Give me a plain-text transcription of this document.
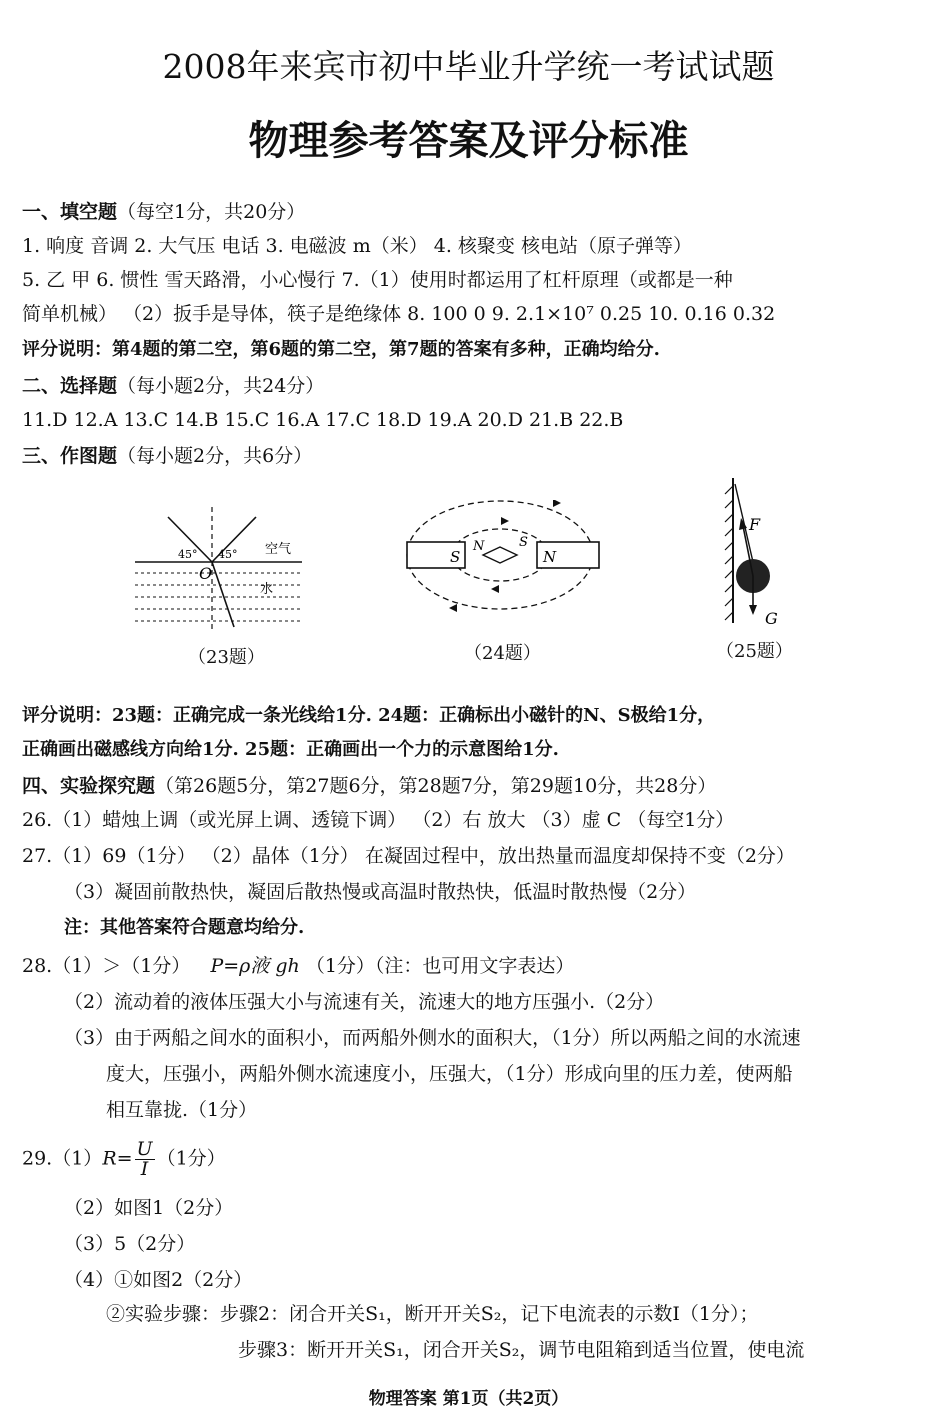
2008年来宾市初中毕业升学统一考试试题
物理参考答案及评分标准
一、填空题（每空1分，共20分）
1. 响度 音调 2. 大气压 电话 3. 电磁波 m（米） 4. 核聚变 核电站（原子弹等）
5. 乙 甲 6. 惯性 雪天路滑，小心慢行 7.（1）使用时都运用了杠杆原理（或都是一种
简单机械） （2）扳手是导体，筷子是绝缘体 8. 100 0 9. 2.1×10⁷ 0.25 10. 0.16 0.32
评分说明：第4题的第二空，第6题的第二空，第7题的答案有多种，正确均给分.
二、选择题（每小题2分，共24分）
11.D 12.A 13.C 14.B 15.C 16.A 17.C 18.D 19.A 20.D 21.B 22.B
三、作图题（每小题2分，共6分）
45° 45° 空气
水
O
（23题）
S
N	S
N
（24题）
F
G
（25题）
评分说明：23题：正确完成一条光线给1分. 24题：正确标出小磁针的N、S极给1分，
正确画出磁感线方向给1分. 25题：正确画出一个力的示意图给1分.
四、实验探究题（第26题5分，第27题6分，第28题7分，第29题10分，共28分）
26.（1）蜡烛上调（或光屏上调、透镜下调） （2）右 放大 （3）虚 C （每空1分）
27.（1）69（1分） （2）晶体（1分） 在凝固过程中，放出热量而温度却保持不变（2分）
（3）凝固前散热快，凝固后散热慢或高温时散热快，低温时散热慢（2分）
注：其他答案符合题意均给分.
28.（1）＞（1分） P=ρ液 gh （1分）（注：也可用文字表达）
（2）流动着的液体压强大小与流速有关，流速大的地方压强小.（2分）
（3）由于两船之间水的面积小，而两船外侧水的面积大，（1分）所以两船之间的水流速
度大，压强小，两船外侧水流速度小，压强大，（1分）形成向里的压力差，使两船
相互靠拢.（1分）
$29.(1)R= \frac{U}{I} (1$分）
（2）如图1（2分）
（3）5（2分）
（4）①如图2（2分）
②实验步骤：步骤2：闭合开关S₁，断开开关S₂，记下电流表的示数I（1分）；
步骤3：断开开关S₁，闭合开关S₂，调节电阻箱到适当位置，使电流
物理答案 第1页（共2页）
